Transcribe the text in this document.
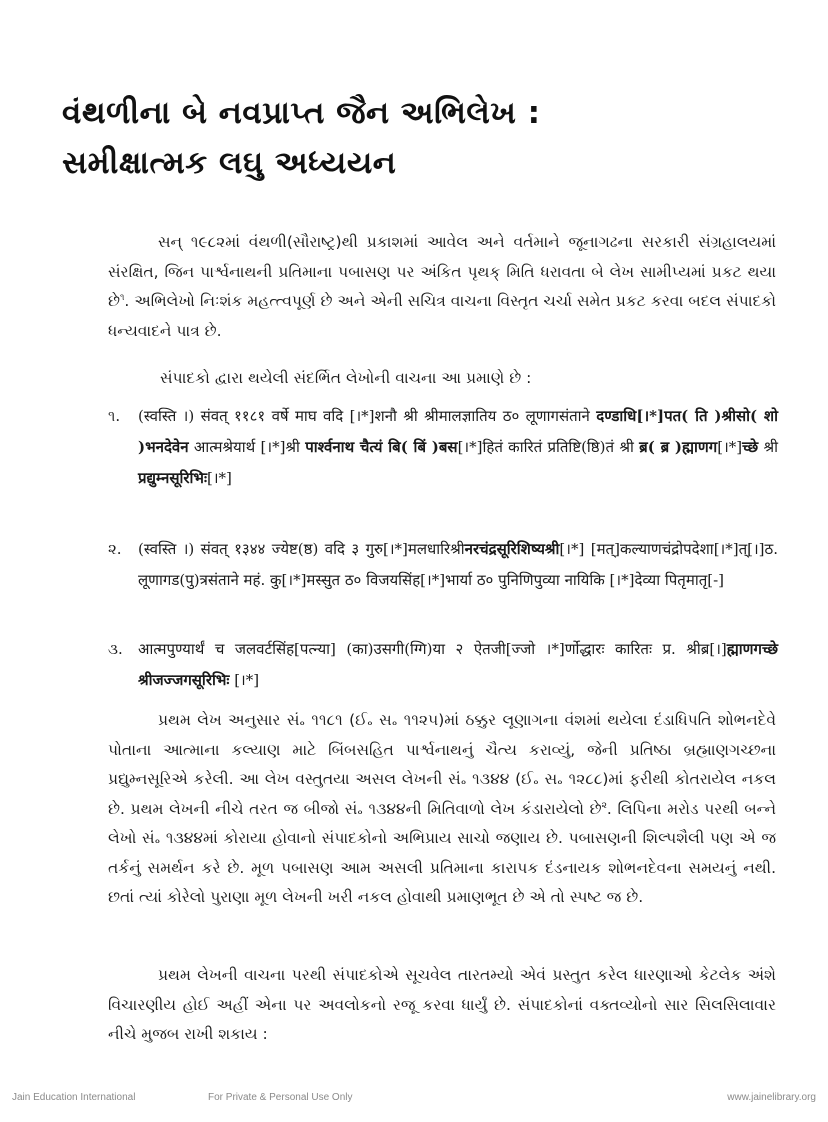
વંથળીના બે નવપ્રાપ્ત જૈન અભિલેખ :
સમીક્ષાત્મક લઘુ અધ્યયન
સન્ ૧૯૮૨માં વંથળી(સૌરાષ્ટ્ર)થી પ્રકાશમાં આવેલ અને વર્તમાને જૂનાગઢના સરકારી સંગ્રહાલયમાં સંરક્ષિત, જિન પાર્શ્વનાથની પ્રતિમાના પબાસણ પર અંકિત પૃથક્ મિતિ ધરાવતા બે લેખ સામીપ્યમાં પ્રકટ થયા છે$^૧$. અભિલેખો નિઃશંક મહત્ત્વપૂર્ણ છે અને એની સચિત્ર વાચના વિસ્તૃત ચર્ચા સમેત પ્રકટ કરવા બદલ સંપાદકો ધન્યવાદને પાત્ર છે.
સંપાદકો દ્વારા થયેલી સંદર્ભિત લેખોની વાચના આ પ્રમાણે છે :
૧.	(स्वस्ति ।) संवत् ११८१ वर्षे माघ वदि [।*]शनौ श्री श्रीमालज्ञातिय ठ० लूणागसंताने दण्डाधि[।*]पत( ति )श्रीसो( शो )भनदेवेन आत्मश्रेयार्थ [।*]श्री पार्श्वनाथ चैत्यं बि( बिं )बस[।*]हितं कारितं प्रतिष्टि(ष्ठि)तं श्री ब्र( ब्र )ह्माणग[।*]च्छे श्री प्रद्युम्नसूरिभिः[।*]
૨.	(स्वस्ति ।) संवत् १३४४ ज्येष्ट(ष्ठ) वदि ३ गुरु[।*]मलधारिश्रीनरचंद्रसूरिशिष्यश्री[।*] [मत्]कल्याणचंद्रोपदेशा[।*]त्[।]ठ. लूणागड(पु)त्रसंताने महं. कु[।*]मस्सुत ठ० विजयसिंह[।*]भार्या ठ० पुनिणिपुव्या नायिकि [।*]देव्या पितृमातृ[-]
૩.	आत्मपुण्यार्थं च जलवर्टसिंह[पत्न्या] (का)उसगी(ग्गि)या २ ऐतजी[ज्जो ।*]र्णोद्धारः कारितः प्र. श्रीब्र[।]ह्माणगच्छे श्रीजज्जगसूरिभिः [।*]
પ્રથમ લેખ અનુસાર સં૰ ૧૧૮૧ (ઈ૰ સ૰ ૧૧૨૫)માં ઠક્કુર લૂણાગના વંશમાં થયેલા દંડાધિપતિ શોભનદેવે પોતાના આત્માના કલ્યાણ માટે બિંબસહિત પાર્શ્વનાથનું ચૈત્ય કરાવ્યું, જેની પ્રતિષ્ઠા બ્રહ્માણગચ્છના પ્રદ્યુમ્નસૂરિએ કરેલી. આ લેખ વસ્તુતયા અસલ લેખની સં૰ ૧૩૪૪ (ઈ૰ સ૰ ૧૨૮૮)માં ફરીથી કોતરાયેલ નકલ છે. પ્રથમ લેખની નીચે તરત જ બીજો સં૰ ૧૩૪૪ની મિતિવાળો લેખ કંડારાયેલો છે$^૨$. લિપિના મરોડ પરથી બન્ને લેખો સં૰ ૧૩૪૪માં કોરાયા હોવાનો સંપાદકોનો અભિપ્રાય સાચો જણાય છે. પબાસણની શિલ્પશૈલી પણ એ જ તર્કનું સમર્થન કરે છે. મૂળ પબાસણ આમ અસલી પ્રતિમાના કારાપક દંડનાયક શોભનદેવના સમયનું નથી. છતાં ત્યાં કોરેલો પુરાણા મૂળ લેખની ખરી નકલ હોવાથી પ્રમાણભૂત છે એ તો સ્પષ્ટ જ છે.
પ્રથમ લેખની વાચના પરથી સંપાદકોએ સૂચવેલ તારતમ્યો એવં પ્રસ્તુત કરેલ ધારણાઓ કેટલેક અંશે વિચારણીય હોઈ અહીં એના પર અવલોકનો રજૂ કરવા ધાર્યું છે. સંપાદકોનાં વક્તવ્યોનો સાર સિલસિલાવાર નીચે મુજબ રાખી શકાય :
Jain Education International	For Private & Personal Use Only	www.jainelibrary.org
